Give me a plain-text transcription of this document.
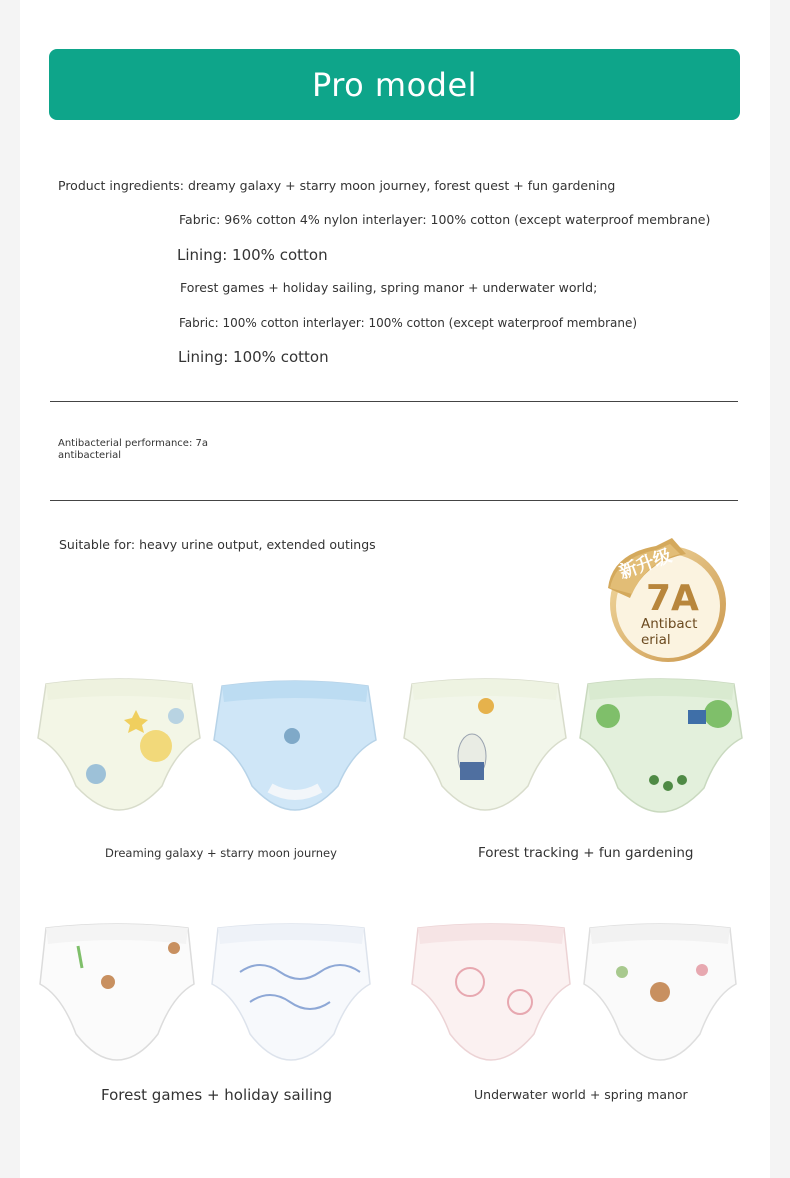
Pro model
Product ingredients: dreamy galaxy + starry moon journey, forest quest + fun gardening
Fabric: 96% cotton 4% nylon interlayer: 100% cotton (except waterproof membrane)
Lining: 100% cotton
Forest games + holiday sailing, spring manor + underwater world;
Fabric: 100% cotton interlayer: 100% cotton (except waterproof membrane)
Lining: 100% cotton
Antibacterial performance: 7a
antibacterial
Suitable for: heavy urine output, extended outings
新升级
7A
Antibact
erial
Dreaming galaxy + starry moon journey	Forest tracking + fun gardening
Forest games + holiday sailing	Underwater world + spring manor
